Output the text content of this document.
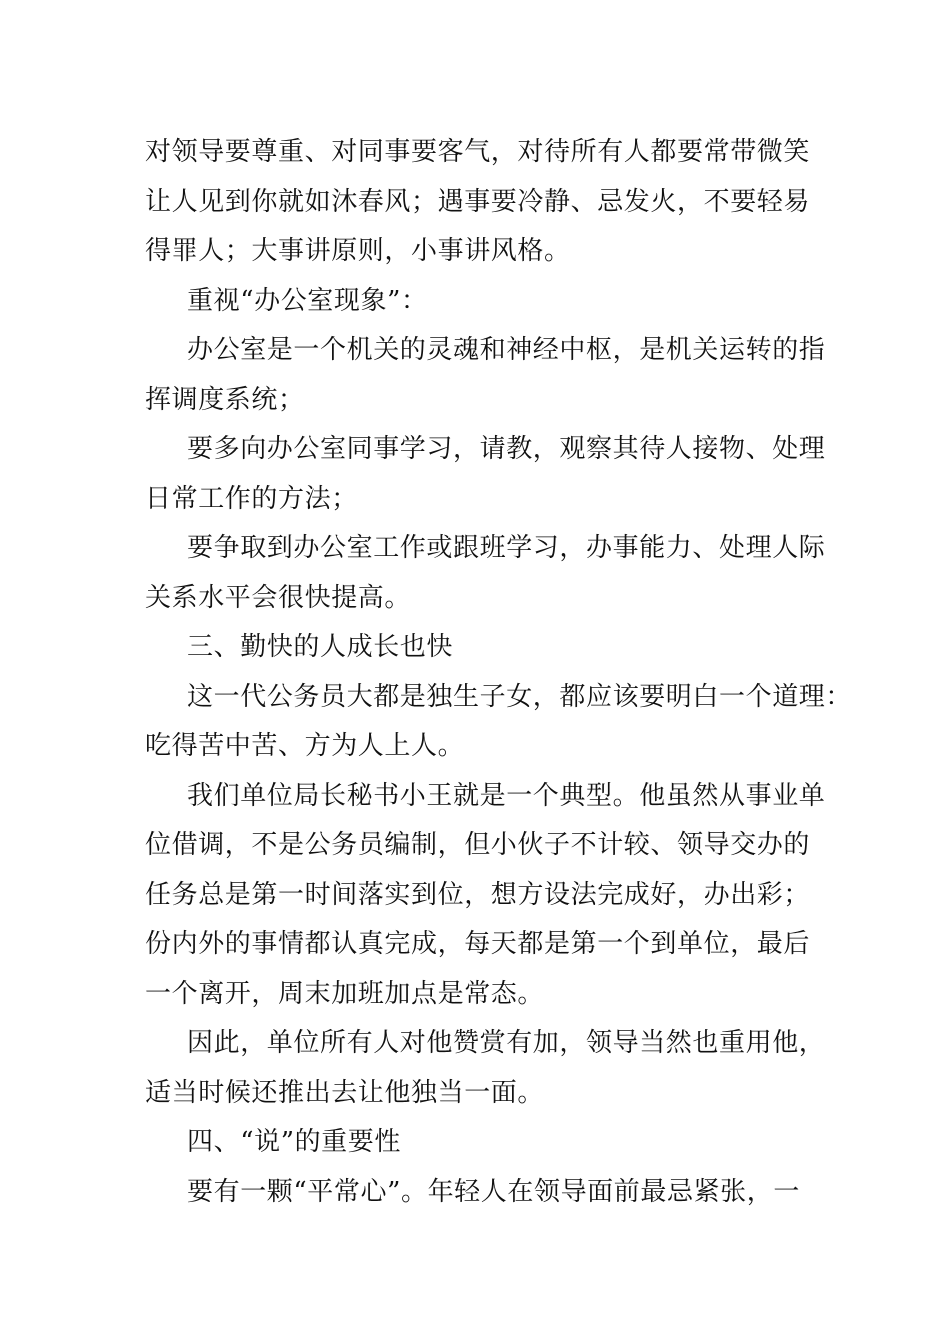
对领导要尊重、对同事要客气，对待所有人都要常带微笑
让人见到你就如沐春风；遇事要冷静、忌发火，不要轻易
得罪人；大事讲原则，小事讲风格。
重视“办公室现象”：
办公室是一个机关的灵魂和神经中枢，是机关运转的指
挥调度系统；
要多向办公室同事学习，请教，观察其待人接物、处理
日常工作的方法；
要争取到办公室工作或跟班学习，办事能力、处理人际
关系水平会很快提高。
三、勤快的人成长也快
这一代公务员大都是独生子女，都应该要明白一个道理：
吃得苦中苦、方为人上人。
我们单位局长秘书小王就是一个典型。他虽然从事业单
位借调，不是公务员编制，但小伙子不计较、领导交办的
任务总是第一时间落实到位，想方设法完成好，办出彩；
份内外的事情都认真完成，每天都是第一个到单位，最后
一个离开，周末加班加点是常态。
因此，单位所有人对他赞赏有加，领导当然也重用他，
适当时候还推出去让他独当一面。
四、“说”的重要性
要有一颗“平常心”。年轻人在领导面前最忌紧张，一
